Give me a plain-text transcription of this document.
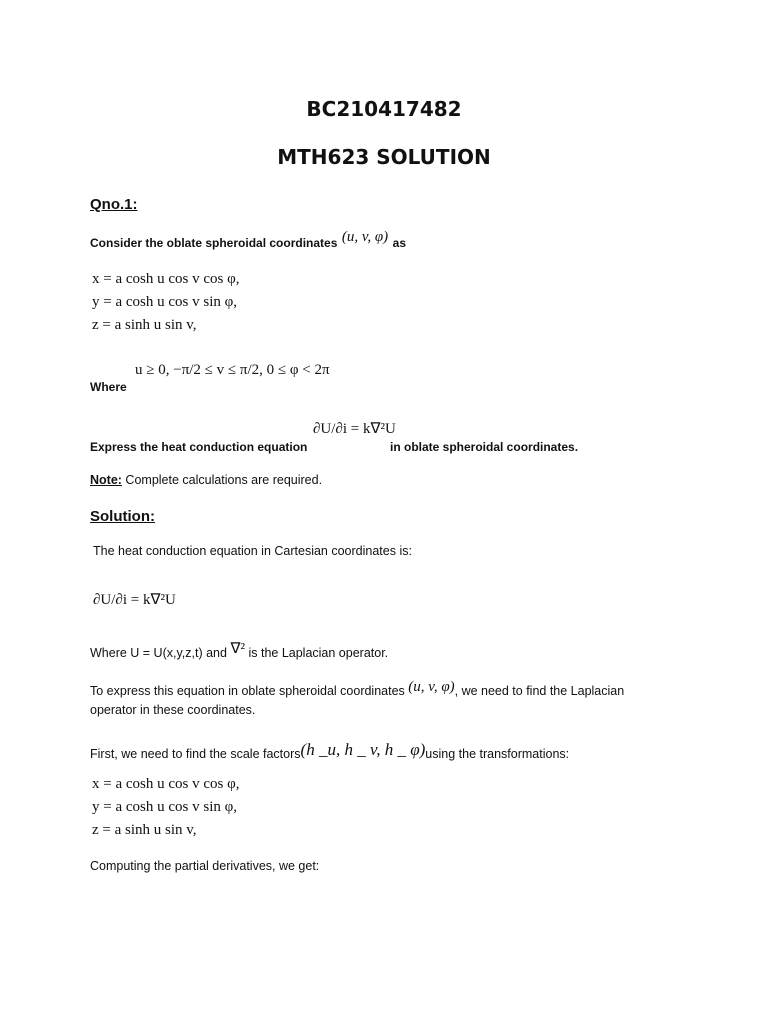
BC210417482
MTH623 SOLUTION
Qno.1:
Consider the oblate spheroidal coordinates (u, v, φ) as
x = a cosh u cos v cos φ,
y = a cosh u cos v sin φ,
z = a sinh u sin v,
Where
u ≥ 0, −π/2 ≤ v ≤ π/2, 0 ≤ φ < 2π
Express the heat conduction equation
∂U/∂i = k∇²U
in oblate spheroidal coordinates.
Note: Complete calculations are required.
Solution:
The heat conduction equation in Cartesian coordinates is:
∂U/∂i = k∇²U
Where U = U(x,y,z,t) and ∇² is the Laplacian operator.
To express this equation in oblate spheroidal coordinates (u, v, φ), we need to find the Laplacian
operator in these coordinates.
First, we need to find the scale factors(h _u, h _ v, h _ φ)using the transformations:
x = a cosh u cos v cos φ,
y = a cosh u cos v sin φ,
z = a sinh u sin v,
Computing the partial derivatives, we get:
